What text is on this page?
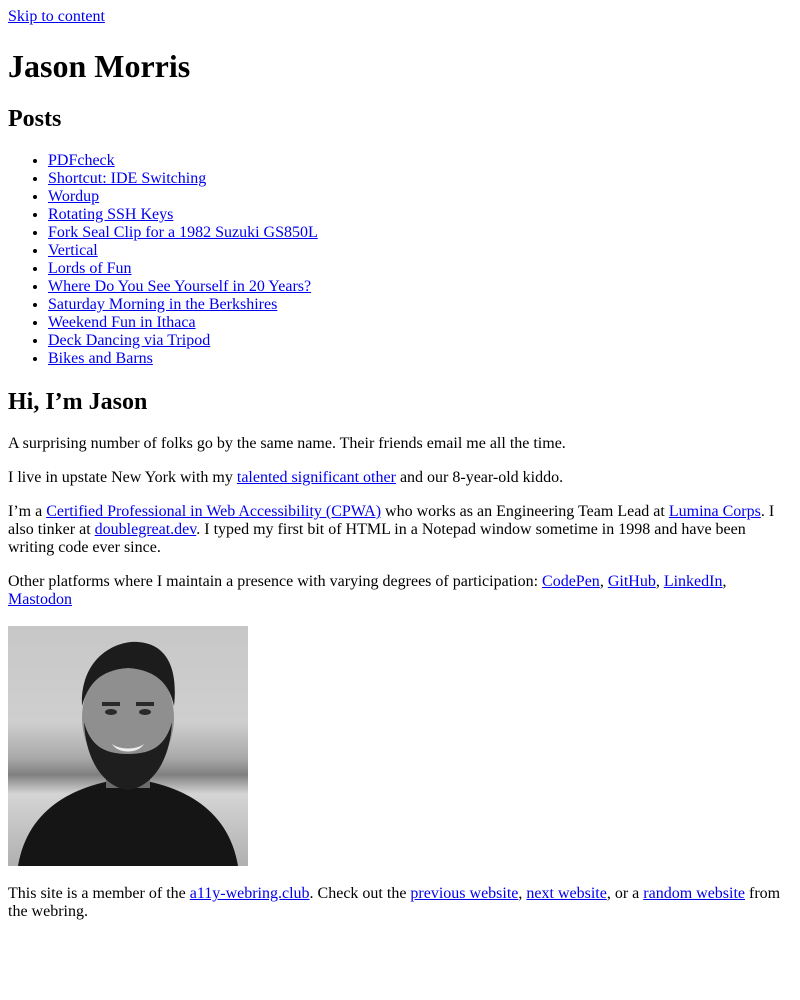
Skip to content
Jason Morris
Posts
• PDFcheck
• Shortcut: IDE Switching
• Wordup
• Rotating SSH Keys
• Fork Seal Clip for a 1982 Suzuki GS850L
• Vertical
• Lords of Fun
• Where Do You See Yourself in 20 Years?
• Saturday Morning in the Berkshires
• Weekend Fun in Ithaca
• Deck Dancing via Tripod
• Bikes and Barns
Hi, I’m Jason

A surprising number of folks go by the same name. Their friends email me all the time.

I live in upstate New York with my talented significant other and our 8-year-old kiddo.

I’m a Certified Professional in Web Accessibility (CPWA) who works as an Engineering Team Lead at Lumina Corps. I also tinker at doublegreat.dev. I typed my first bit of HTML in a Notepad window sometime in 1998 and have been writing code ever since.

Other platforms where I maintain a presence with varying degrees of participation: CodePen, GitHub, LinkedIn, Mastodon

This site is a member of the a11y-webring.club. Check out the previous website, next website, or a random website from the webring.
